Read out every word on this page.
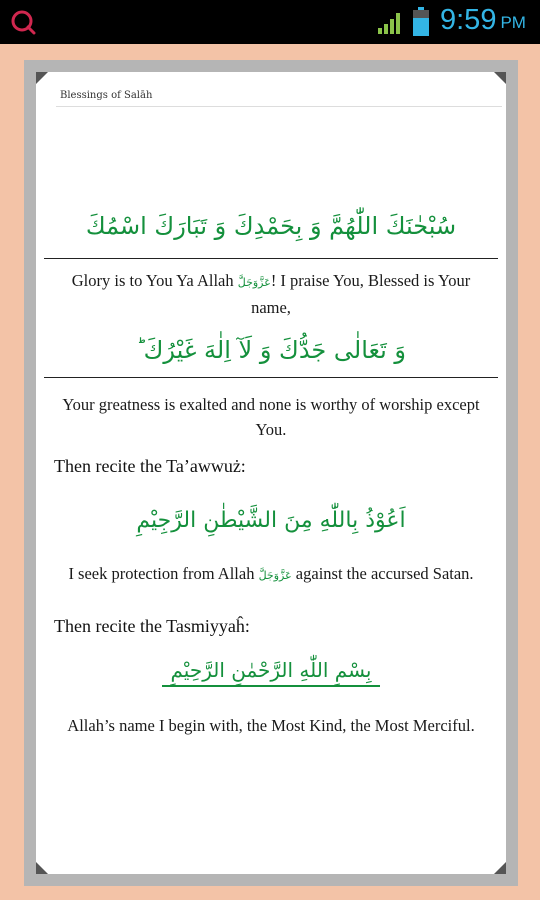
9:59 PM
Blessings of Salāh
سُبْحٰنَكَ اللّٰهُمَّ وَ بِحَمْدِكَ وَ تَبَارَكَ اسْمُكَ
Glory is to You Ya Allah عَزَّوَجَلَّ! I praise You, Blessed is Your name,
وَ تَعَالٰى جَدُّكَ وَ لَآ اِلٰهَ غَيْرُكَ ؕ
Your greatness is exalted and none is worthy of worship except You.
Then recite the Ta’awwuż:
اَعُوْذُ بِاللّٰهِ مِنَ الشَّيْطٰنِ الرَّجِيْمِ
I seek protection from Allah عَزَّوَجَلَّ against the accursed Satan.
Then recite the Tasmiyyaĥ:
بِسْمِ اللّٰهِ الرَّحْمٰنِ الرَّحِيْمِ
Allah’s name I begin with, the Most Kind, the Most Merciful.
